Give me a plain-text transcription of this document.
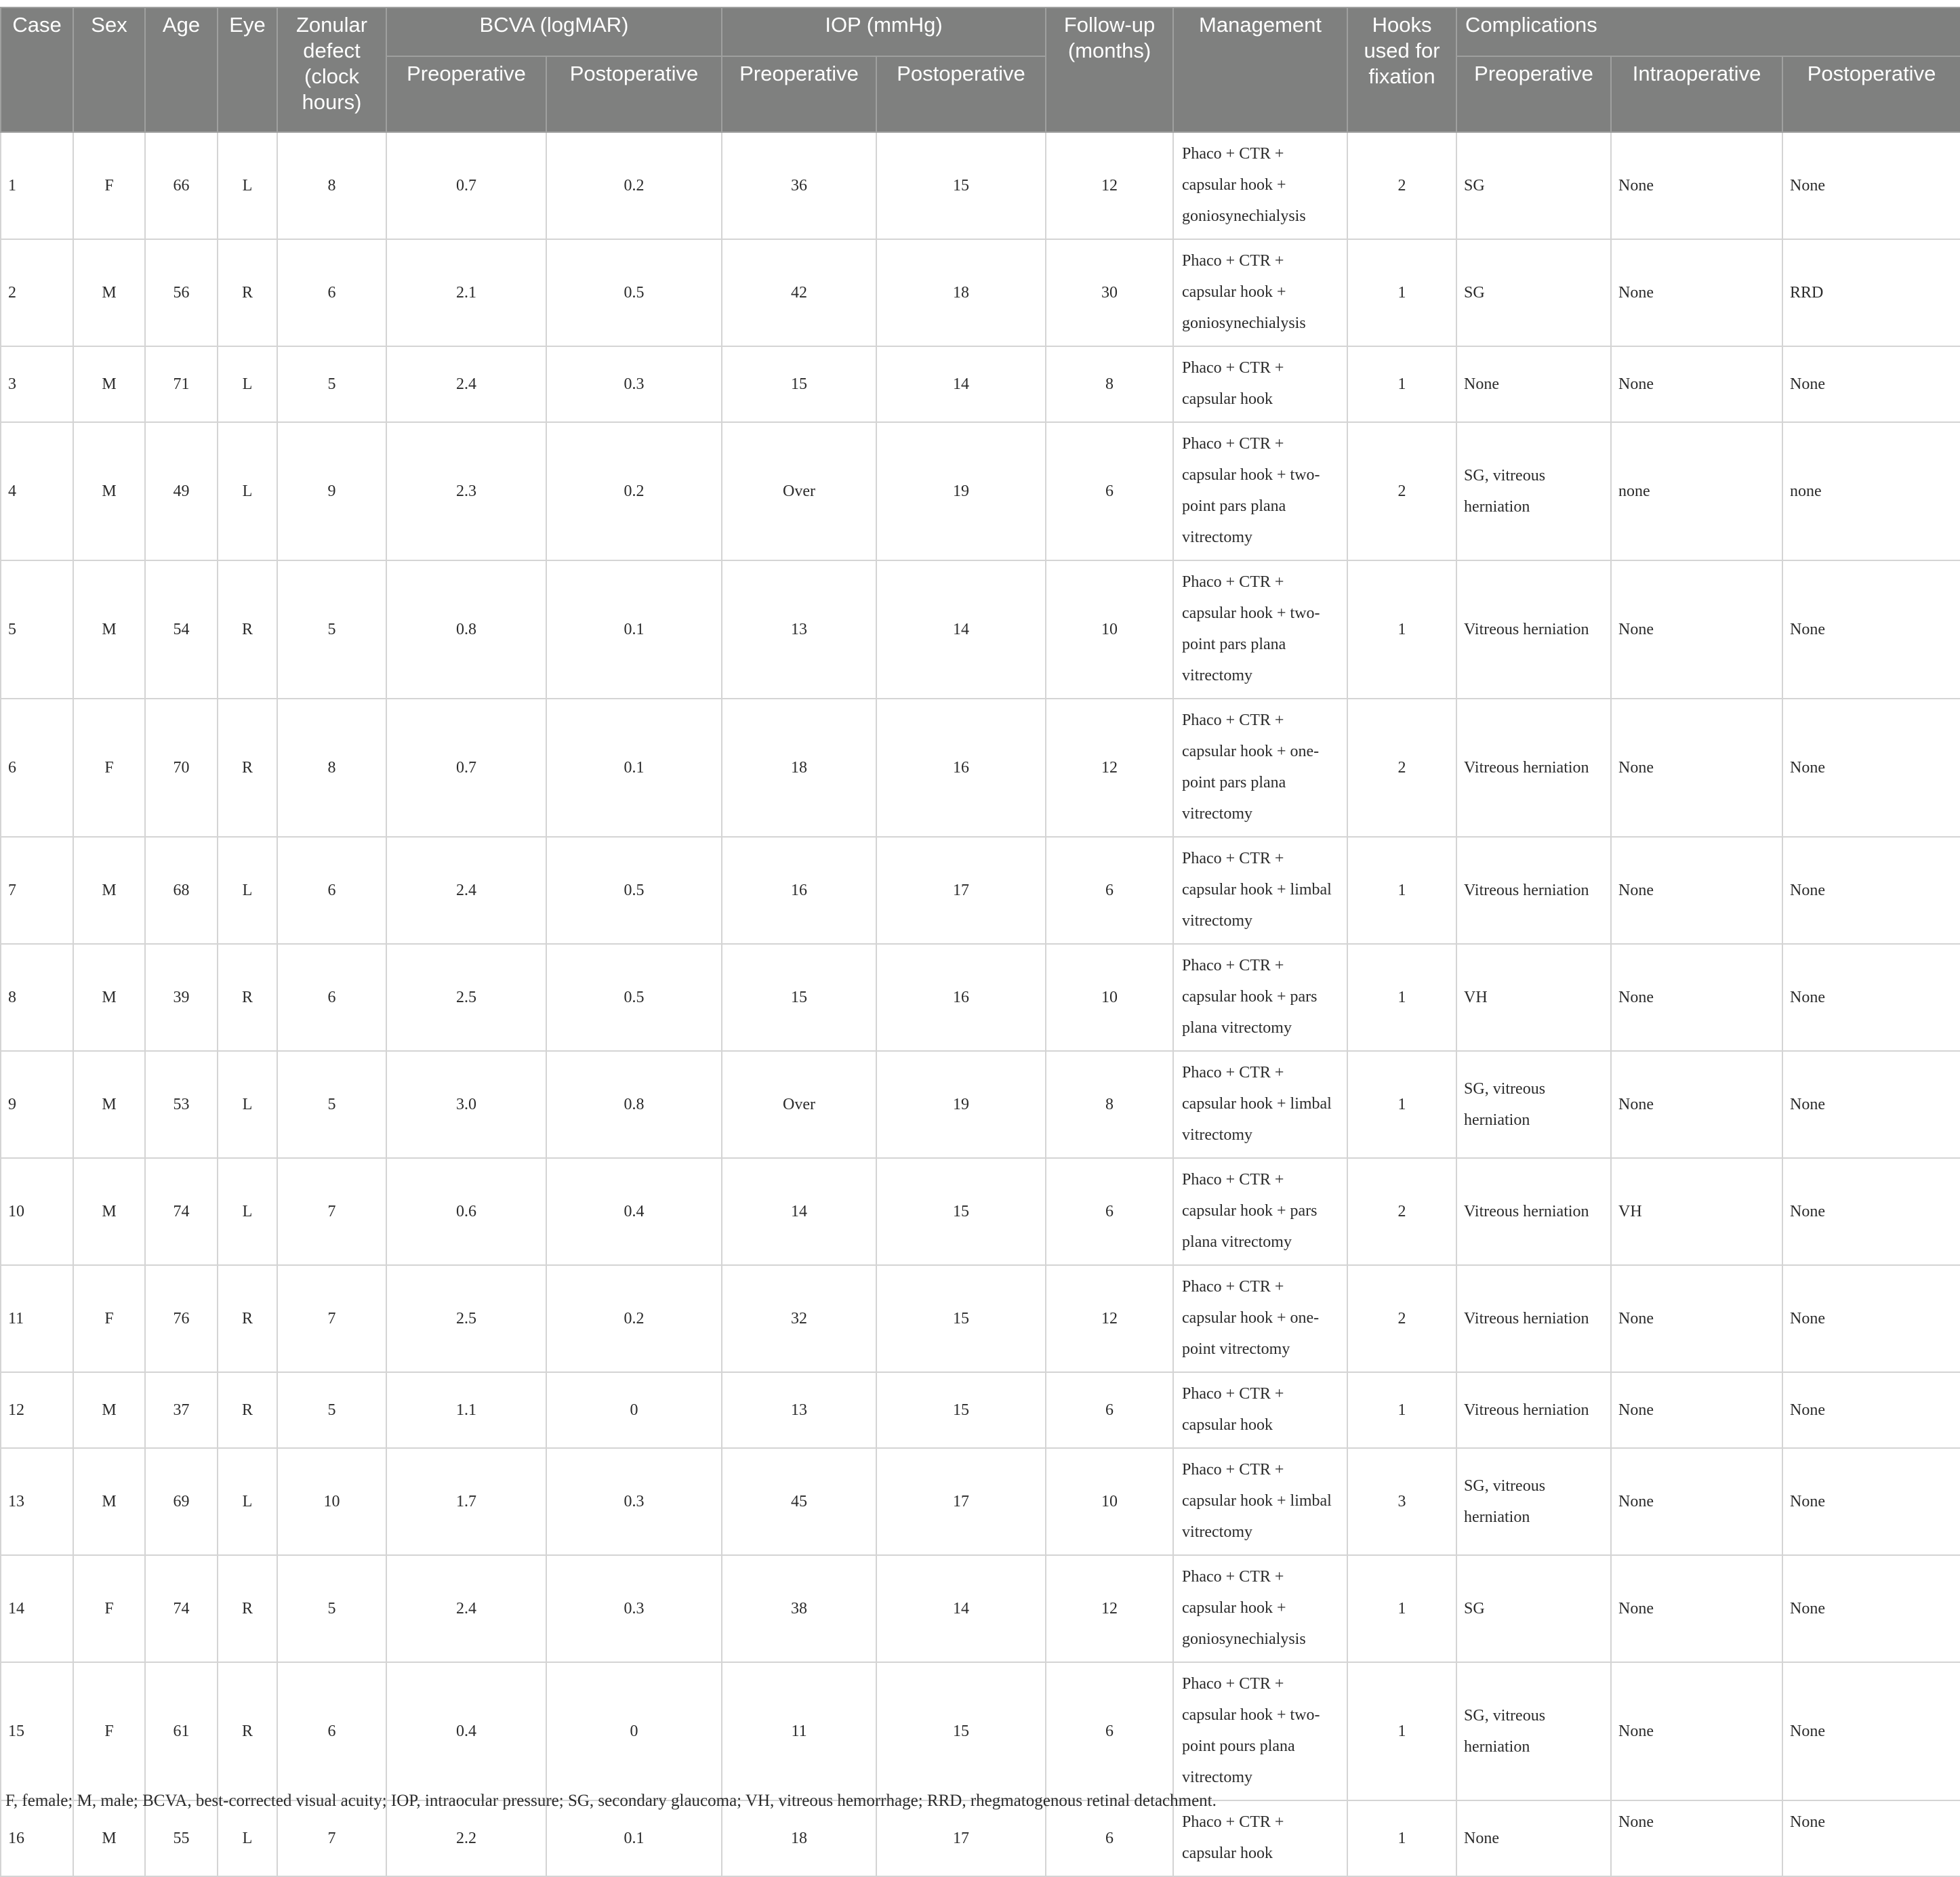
Case	Sex	Age	Eye	Zonular defect (clock hours)	BCVA (logMAR)		IOP (mmHg)		Follow-up (months)	Management	Hooks used for fixation	Complications		
					Preoperative	Postoperative	Preoperative	Postoperative				Preoperative	Intraoperative	Postoperative
1	F	66	L	8	0.7	0.2	36	15	12	Phaco + CTR + capsular hook + goniosynechialysis	2	SG	None	None
2	M	56	R	6	2.1	0.5	42	18	30	Phaco + CTR + capsular hook + goniosynechialysis	1	SG	None	RRD
3	M	71	L	5	2.4	0.3	15	14	8	Phaco + CTR + capsular hook	1	None	None	None
4	M	49	L	9	2.3	0.2	Over	19	6	Phaco + CTR + capsular hook + two-point pars plana vitrectomy	2	SG, vitreous herniation	none	none
5	M	54	R	5	0.8	0.1	13	14	10	Phaco + CTR + capsular hook + two-point pars plana vitrectomy	1	Vitreous herniation	None	None
6	F	70	R	8	0.7	0.1	18	16	12	Phaco + CTR + capsular hook + one-point pars plana vitrectomy	2	Vitreous herniation	None	None
7	M	68	L	6	2.4	0.5	16	17	6	Phaco + CTR + capsular hook + limbal vitrectomy	1	Vitreous herniation	None	None
8	M	39	R	6	2.5	0.5	15	16	10	Phaco + CTR + capsular hook + pars plana vitrectomy	1	VH	None	None
9	M	53	L	5	3.0	0.8	Over	19	8	Phaco + CTR + capsular hook + limbal vitrectomy	1	SG, vitreous herniation	None	None
10	M	74	L	7	0.6	0.4	14	15	6	Phaco + CTR + capsular hook + pars plana vitrectomy	2	Vitreous herniation	VH	None
11	F	76	R	7	2.5	0.2	32	15	12	Phaco + CTR + capsular hook + one-point vitrectomy	2	Vitreous herniation	None	None
12	M	37	R	5	1.1	0	13	15	6	Phaco + CTR + capsular hook	1	Vitreous herniation	None	None
13	M	69	L	10	1.7	0.3	45	17	10	Phaco + CTR + capsular hook + limbal vitrectomy	3	SG, vitreous herniation	None	None
14	F	74	R	5	2.4	0.3	38	14	12	Phaco + CTR + capsular hook + goniosynechialysis	1	SG	None	None
15	F	61	R	6	0.4	0	11	15	6	Phaco + CTR + capsular hook + two-point pours plana vitrectomy	1	SG, vitreous herniation	None	None
16	M	55	L	7	2.2	0.1	18	17	6	Phaco + CTR + capsular hook	1	None	None	None
F, female; M, male; BCVA, best-corrected visual acuity; IOP, intraocular pressure; SG, secondary glaucoma; VH, vitreous hemorrhage; RRD, rhegmatogenous retinal detachment.
